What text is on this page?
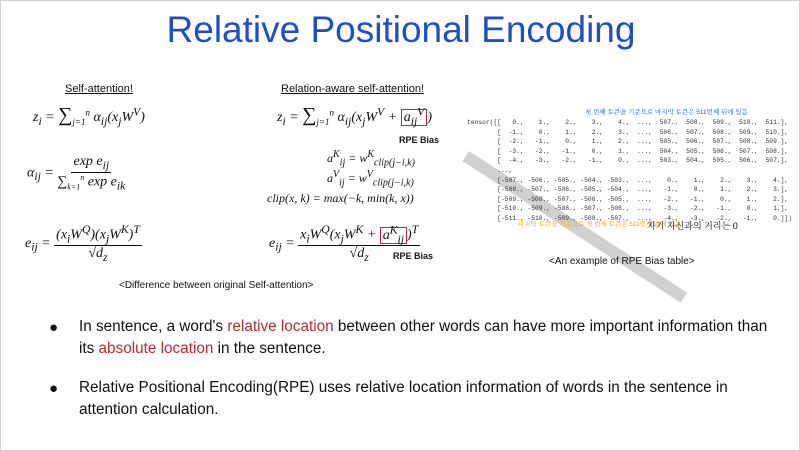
Relative Positional Encoding
Self-attention!
$z_i = \sum_{j=1}^n$ $\alpha_{ij}(x_jW^V)$
$\alpha_{ij} = \frac{\exp e_{ij}}{\sum_{k=1}^n \exp e_{ik}}$
$e_{ij} = \frac{(x_iW^Q)(x_jW^K)^T}{√d_z}$
Relation-aware self-attention!
$z_i = \sum_{j=1}^n$ $\alpha_{ij}(x_jW^V + a_{ij}^V$ )
RPE Bias
$a^K_{ij} = w^K_{clip(j-i,k)}$
$a^V_{ij} = w^V_{clip(j-i,k)}$
clip(x, k) = max(−k, min(k, x))
$e_{ij} = \frac{x_iW^Q(x_jW^K + a^K_{ij} )^T}{√d_z}$
RPE Bias
<Difference between original Self-attention>
첫 번째 토큰을 기준으로 마지막 토큰은 511번째 뒤에 있음
tensor([[   0.,    1.,    2.,    3.,    4.,  ...,  507.,  508.,  509.,  510.,  511.],
[  -1.,    0.,    1.,    2.,    3.,  ...,  506.,  507.,  508.,  509.,  510.],
[  -2.,   -1.,    0.,    1.,    2.,  ...,  505.,  506.,  507.,  508.,  509.],
[  -3.,   -2.,   -1.,    0.,    1.,  ...,  504.,  505.,  506.,  507.,  508.],
[  -4.,   -3.,   -2.,   -1.,    0.,  ...,  503.,  504.,  505.,  506.,  507.],
...,
[-507., -506., -505., -504., -503.,  ...,    0.,    1.,    2.,    3.,    4.],
[-508., -507., -506., -505., -504.,  ...,   -1.,    0.,    1.,    2.,    3.],
[-509., -508., -507., -506., -505.,  ...,   -2.,   -1.,    0.,    1.,    2.],
[-510., -509., -508., -507., -506.,  ...,   -3.,   -2.,   -1.,    0.,    1.],
[-511., -510., -509., -508., -507.,  ...,   -4.,   -3.,   -2.,   -1.,    0.]])
마지막 토큰을 기준으로 첫 번째 토큰은 511번째 앞에 있음
자기 자신과의 거리는 0
<An example of RPE Bias table>
● In sentence, a word's relative location between other words can have more important information than its absolute location in the sentence.
● Relative Positional Encoding(RPE) uses relative location information of words in the sentence in attention calculation.
